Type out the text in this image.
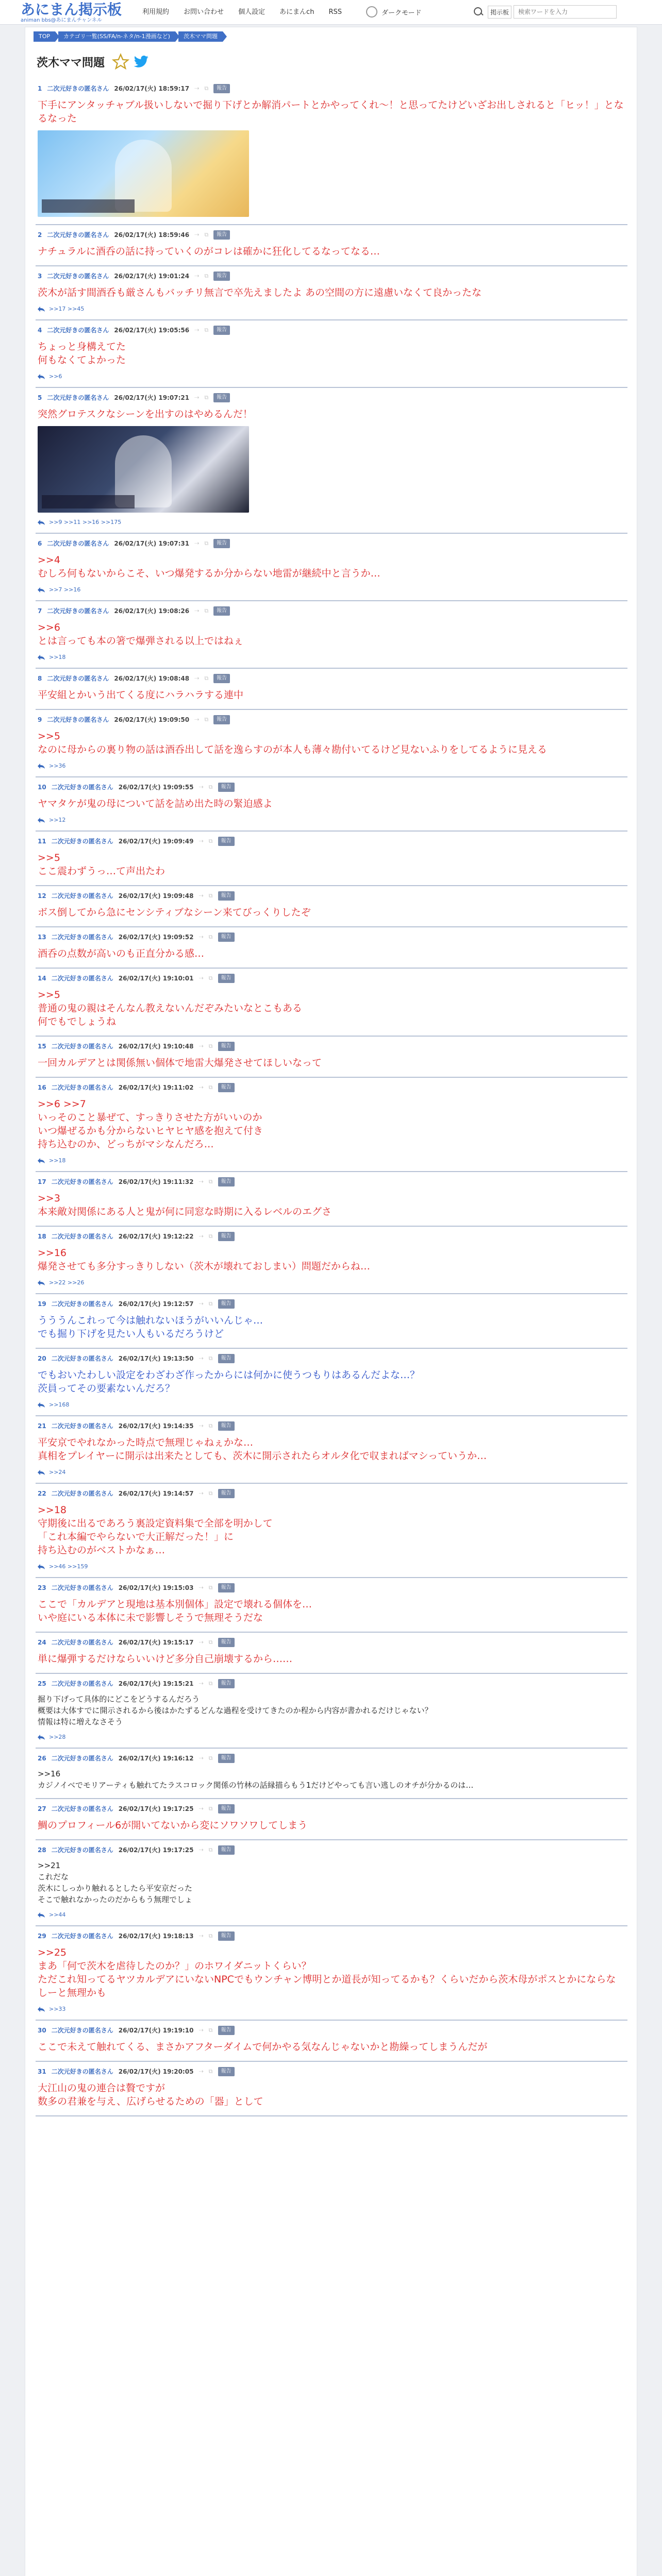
あにまん掲示板
animan bbs@あにまんチャンネル
利用規約	お問い合わせ	個人設定	あにまんch	RSS	ダークモード	掲示板
検索ワードを入力
TOP	カテゴリ一覧(SS/FA/n-ネタ/n-1漫画など)	茨木ママ問題
茨木ママ問題
1 二次元好きの匿名さん 26/02/17(火) 18:59:17 ⇢ ⧉	報告
下手にアンタッチャブル扱いしないで掘り下げとか解消パートとかやってくれ〜！と思ってたけどいざお出しされると「ヒッ！」となるなった
2 二次元好きの匿名さん 26/02/17(火) 18:59:46 ⇢ ⧉	報告
ナチュラルに酒呑の話に持っていくのがコレは確かに狂化してるなってなる…
3 二次元好きの匿名さん 26/02/17(火) 19:01:24 ⇢ ⧉	報告
茨木が話す間酒呑も厳さんもバッチリ無言で卒先えましたよ あの空間の方に遠慮いなくて良かったな
>>17 >>45
4 二次元好きの匿名さん 26/02/17(火) 19:05:56 ⇢ ⧉	報告
ちょっと身構えてた
何もなくてよかった
>>6
5 二次元好きの匿名さん 26/02/17(火) 19:07:21 ⇢ ⧉	報告
突然グロテスクなシーンを出すのはやめるんだ！
>>9 >>11 >>16 >>175
6 二次元好きの匿名さん 26/02/17(火) 19:07:31 ⇢ ⧉	報告
>>4
むしろ何もないからこそ、いつ爆発するか分からない地雷が継続中と言うか…
>>7 >>16
7 二次元好きの匿名さん 26/02/17(火) 19:08:26 ⇢ ⧉	報告
>>6
とは言っても本の箸で爆弾される以上ではねぇ
>>18
8 二次元好きの匿名さん 26/02/17(火) 19:08:48 ⇢ ⧉	報告
平安組とかいう出てくる度にハラハラする連中
9 二次元好きの匿名さん 26/02/17(火) 19:09:50 ⇢ ⧉	報告
>>5
なのに母からの裏り物の話は酒呑出して話を逸らすのが本人も薄々勘付いてるけど見ないふりをしてるように見える
>>36
10 二次元好きの匿名さん 26/02/17(火) 19:09:55 ⇢ ⧉	報告
ヤマタケが鬼の母について話を詰め出た時の緊迫感よ
>>12
11 二次元好きの匿名さん 26/02/17(火) 19:09:49 ⇢ ⧉	報告
>>5
ここ震わずうっ…て声出たわ
12 二次元好きの匿名さん 26/02/17(火) 19:09:48 ⇢ ⧉	報告
ボス倒してから急にセンシティブなシーン来てびっくりしたぞ
13 二次元好きの匿名さん 26/02/17(火) 19:09:52 ⇢ ⧉	報告
酒呑の点数が高いのも正直分かる感…
14 二次元好きの匿名さん 26/02/17(火) 19:10:01 ⇢ ⧉	報告
>>5
普通の鬼の親はそんなん教えないんだぞみたいなとこもある
何でもでしょうね
15 二次元好きの匿名さん 26/02/17(火) 19:10:48 ⇢ ⧉	報告
一回カルデアとは関係無い個体で地雷大爆発させてほしいなって
16 二次元好きの匿名さん 26/02/17(火) 19:11:02 ⇢ ⧉	報告
>>6 >>7
いっそのこと暴ぜて、すっきりさせた方がいいのか
いつ爆ぜるかも分からないヒヤヒヤ感を抱えて付き
持ち込むのか、どっちがマシなんだろ…
>>18
17 二次元好きの匿名さん 26/02/17(火) 19:11:32 ⇢ ⧉	報告
>>3
本来敵対関係にある人と鬼が何に同窓な時期に入るレベルのエグさ
18 二次元好きの匿名さん 26/02/17(火) 19:12:22 ⇢ ⧉	報告
>>16
爆発させても多分すっきりしない（茨木が壊れておしまい）問題だからね…
>>22 >>26
19 二次元好きの匿名さん 26/02/17(火) 19:12:57 ⇢ ⧉	報告
うううんこれって今は触れないほうがいいんじゃ…
でも掘り下げを見たい人もいるだろうけど
20 二次元好きの匿名さん 26/02/17(火) 19:13:50 ⇢ ⧉	報告
でもおいたわしい設定をわざわざ作ったからには何かに使うつもりはあるんだよな…？
茨員ってその要素ないんだろ？
>>168
21 二次元好きの匿名さん 26/02/17(火) 19:14:35 ⇢ ⧉	報告
平安京でやれなかった時点で無理じゃねぇかな…
真相をプレイヤーに開示は出来たとしても、茨木に開示されたらオルタ化で収まればマシっていうか…
>>24
22 二次元好きの匿名さん 26/02/17(火) 19:14:57 ⇢ ⧉	報告
>>18
守期後に出るであろう裏設定資料集で全部を明かして
「これ本編でやらないで大正解だった！」に
持ち込むのがベストかなぁ…
>>46 >>159
23 二次元好きの匿名さん 26/02/17(火) 19:15:03 ⇢ ⧉	報告
ここで「カルデアと現地は基本別個体」設定で壊れる個体を…
いや庭にいる本体に未で影響しそうで無理そうだな
24 二次元好きの匿名さん 26/02/17(火) 19:15:17 ⇢ ⧉	報告
単に爆弾するだけならいいけど多分自己崩壊するから……
25 二次元好きの匿名さん 26/02/17(火) 19:15:21 ⇢ ⧉	報告
掘り下げって具体的にどこをどうするんだろう
概要は大体すでに開示されるから後はかたずるどんな過程を受けてきたのか程から内容が書かれるだけじゃない？
情報は特に増えなさそう
>>28
26 二次元好きの匿名さん 26/02/17(火) 19:16:12 ⇢ ⧉	報告
>>16
カジノイベでモリアーティも触れてたラスコロック関係の竹林の話縁描らもう1だけどやっても言い逃しのオチが分かるのは…
27 二次元好きの匿名さん 26/02/17(火) 19:17:25 ⇢ ⧉	報告
鯛のプロフィール6が開いてないから変にソワソワしてしまう
28 二次元好きの匿名さん 26/02/17(火) 19:17:25 ⇢ ⧉	報告
>>21
これだな
茨木にしっかり触れるとしたら平安京だった
そこで触れなかったのだからもう無理でしょ
>>44
29 二次元好きの匿名さん 26/02/17(火) 19:18:13 ⇢ ⧉	報告
>>25
まあ「何で茨木を虐待したのか？」のホワイダニットくらい？
ただこれ知ってるヤツカルデアにいないNPCでもウンチャン博明とか道長が知ってるかも？くらいだから茨木母がポスとかにならなしーと無理かも
>>33
30 二次元好きの匿名さん 26/02/17(火) 19:19:10 ⇢ ⧉	報告
ここで未えて触れてくる、まさかアフターダイムで何かやる気なんじゃないかと勘繰ってしまうんだが
31 二次元好きの匿名さん 26/02/17(火) 19:20:05 ⇢ ⧉	報告
大江山の鬼の連合は贅ですが
数多の君兼を与え、広げらせるための「器」として
